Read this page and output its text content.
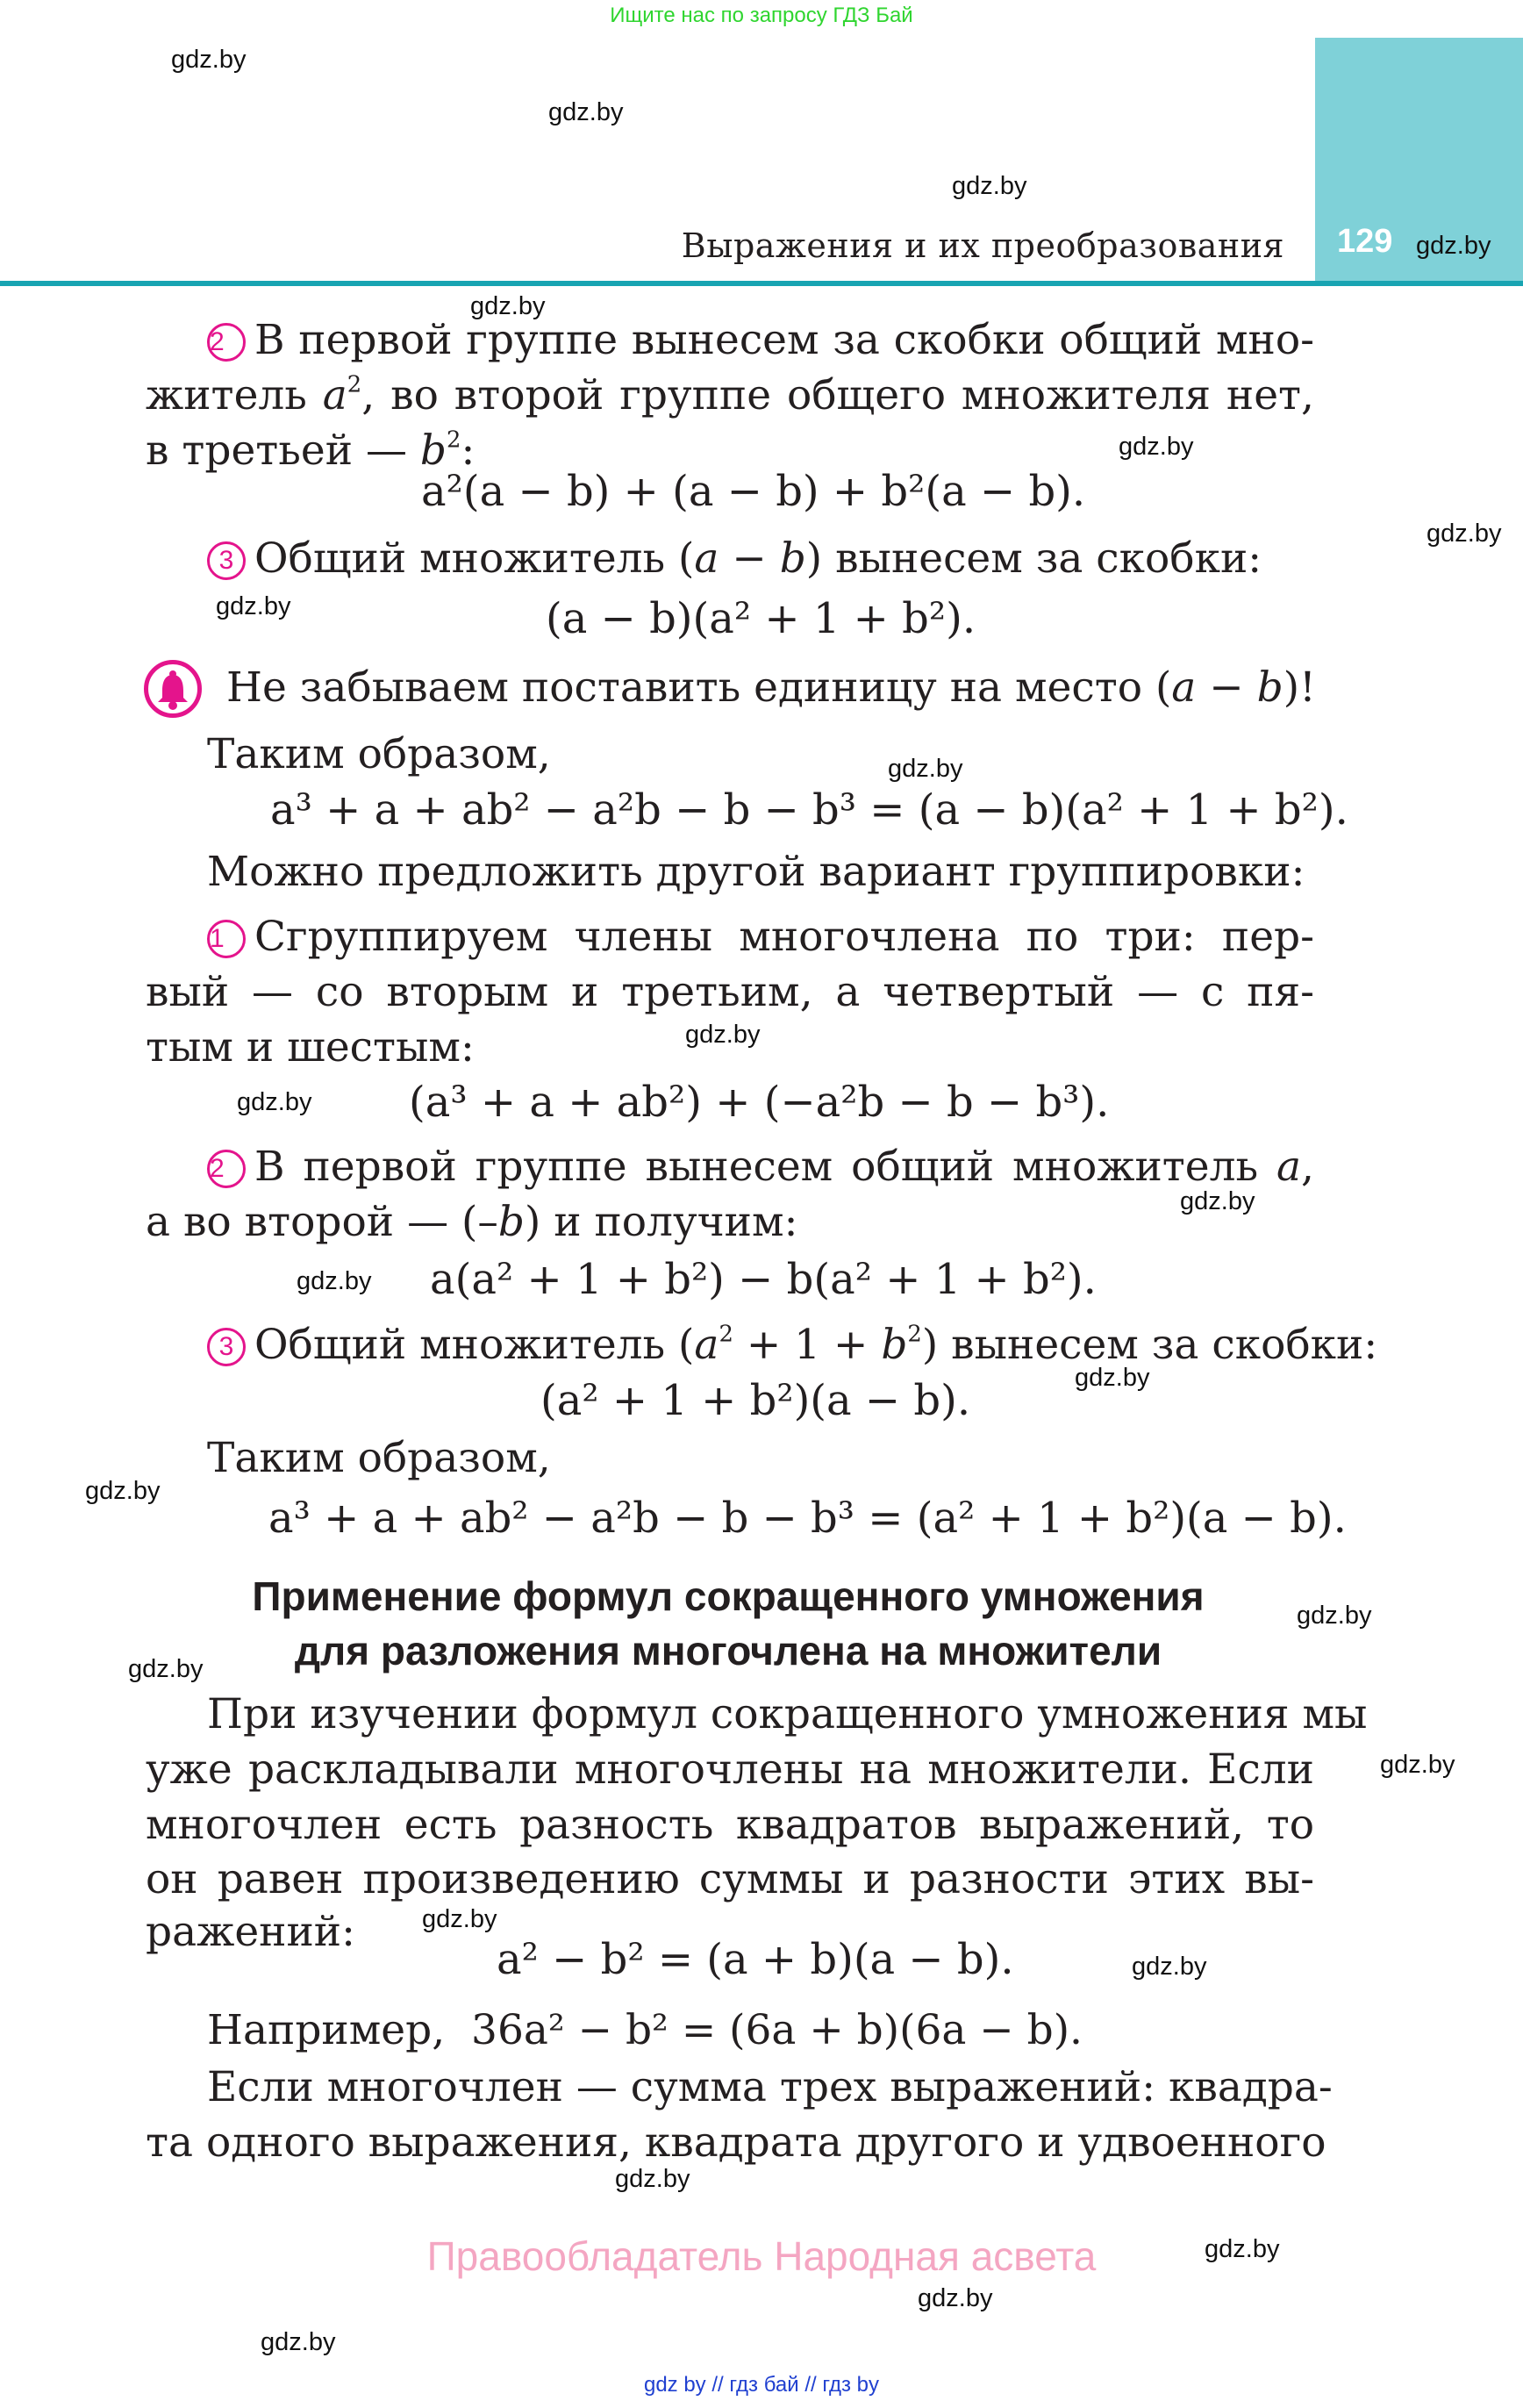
Ищите нас по запросу ГДЗ Бай
129
Выражения и их преобразования
gdz.by
gdz.by
gdz.by
gdz.by
gdz.by
gdz.by
gdz.by
gdz.by
gdz.by
gdz.by
gdz.by
gdz.by
gdz.by
gdz.by
gdz.by
gdz.by
gdz.by
gdz.by
gdz.by
gdz.by
gdz.by
gdz.by
gdz.by
gdz.by
2 В первой группе вынесем за скобки общий мно-
житель $a^2$, во второй группе общего множителя нет,
в третьей — $b^2$:
a²(a − b) + (a − b) + b²(a − b).
3 Общий множитель (a − b) вынесем за скобки:
(a − b)(a² + 1 + b²).
Не забываем поставить единицу на место (a − b)!
Таким образом,
a³ + a + ab² − a²b − b − b³ = (a − b)(a² + 1 + b²).
Можно предложить другой вариант группировки:
1 Сгруппируем члены многочлена по три: пер-
вый — со вторым и третьим, а четвертый — с пя-
тым и шестым:
(a³ + a + ab²) + (−a²b − b − b³).
2 В первой группе вынесем общий множитель a,
а во второй — (–b) и получим:
a(a² + 1 + b²) − b(a² + 1 + b²).
3 Общий множитель $(a^2 + 1 + b^2)$ вынесем за скобки:
(a² + 1 + b²)(a − b).
Таким образом,
a³ + a + ab² − a²b − b − b³ = (a² + 1 + b²)(a − b).
Применение формул сокращенного умножения
для разложения многочлена на множители
При изучении формул сокращенного умножения мы
уже раскладывали многочлены на множители. Если
многочлен есть разность квадратов выражений, то
он равен произведению суммы и разности этих вы-
ражений:
a² − b² = (a + b)(a − b).
Например, 36a² − b² = (6a + b)(6a − b).
Если многочлен — сумма трех выражений: квадра-
та одного выражения, квадрата другого и удвоенного
Правообладатель Народная асвета
gdz by // гдз бай // гдз by
